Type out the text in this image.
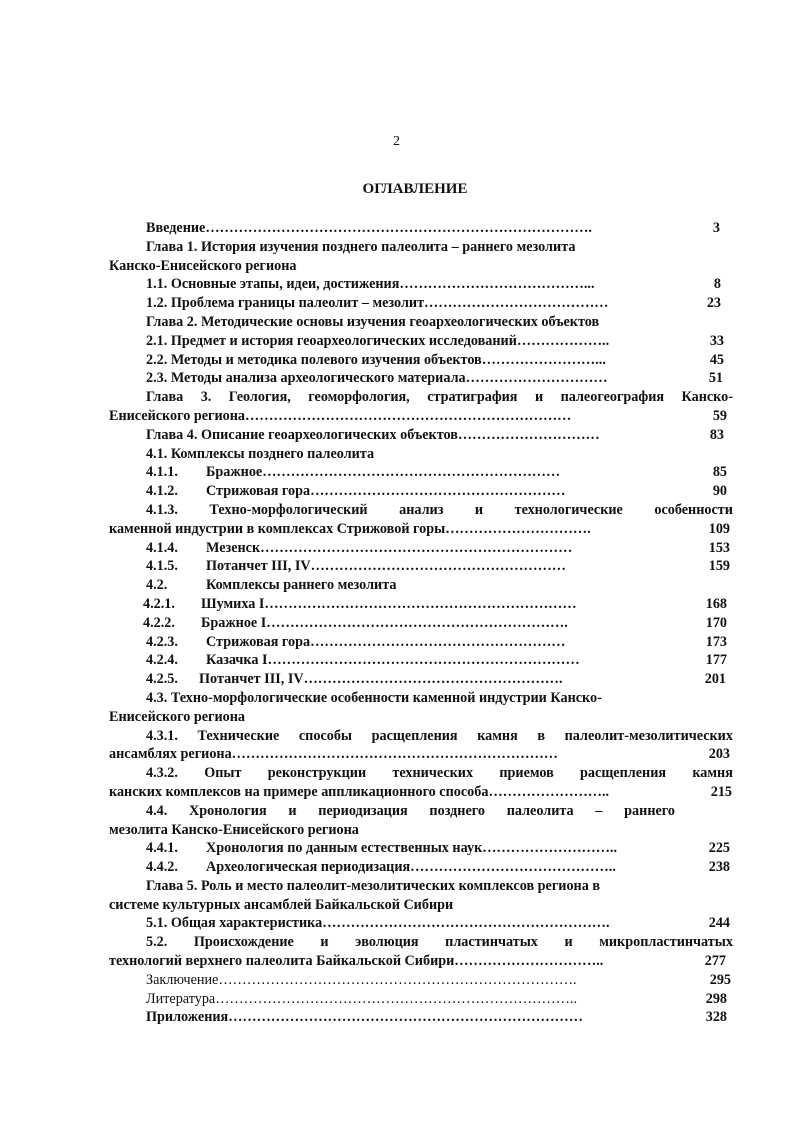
2
ОГЛАВЛЕНИЕ
Введение……………………………………………………………………….	3
Глава 1. История изучения позднего палеолита – раннего мезолита
Канско-Енисейского региона
1.1. Основные этапы, идеи, достижения…………………………………...	8
1.2. Проблема границы палеолит – мезолит…………………………………	23
Глава 2. Методические основы изучения геоархеологических объектов
2.1. Предмет и история геоархеологических исследований………………..	33
2.2. Методы и методика полевого изучения объектов……………………...	45
2.3. Методы анализа археологического материала…………………………	51
Глава 3. Геология, геоморфология, стратиграфия и палеогеография Канско-
Енисейского региона……………………………………………………………	59
Глава 4. Описание геоархеологических объектов…………………………	83
4.1. Комплексы позднего палеолита
4.1.1. Бражное………………………………………………………	85
4.1.2. Стрижовая гора………………………………………………	90
4.1.3. Техно-морфологический анализ и технологические особенности
каменной индустрии в комплексах Стрижовой горы………………………….	109
4.1.4. Мезенск…………………………………………………………	153
4.1.5. Потанчет III, IV………………………………………………	159
4.2.	Комплексы раннего мезолита
4.2.1. Шумиха I…………………………………………………………	168
4.2.2. Бражное I……………………………………………………….	170
4.2.3. Стрижовая гора………………………………………………	173
4.2.4. Казачка I…………………………………………………………	177
4.2.5. Потанчет III, IV……………………………………………….	201
4.3. Техно-морфологические особенности каменной индустрии Канско-
Енисейского региона
4.3.1. Технические способы расщепления камня в палеолит-мезолитических
ансамблях региона……………………………………………………………	203
4.3.2. Опыт реконструкции технических приемов расщепления камня
канских комплексов на примере аппликационного способа……………………..	215
4.4. Хронология и периодизация позднего палеолита – раннего
мезолита Канско-Енисейского региона
4.4.1. Хронология по данным естественных наук………………………..	225
4.4.2. Археологическая периодизация……………………………………..	238
Глава 5. Роль и место палеолит-мезолитических комплексов региона в
системе культурных ансамблей Байкальской Сибири
5.1. Общая характеристика…………………………………………………….	244
5.2. Происхождение и эволюция пластинчатых и микропластинчатых
технологий верхнего палеолита Байкальской Сибири…………………………..	277
Заключение………………………………………………………………….	295
Литература…………………………………………………………………..	298
Приложения…………………………………………………………………	328
